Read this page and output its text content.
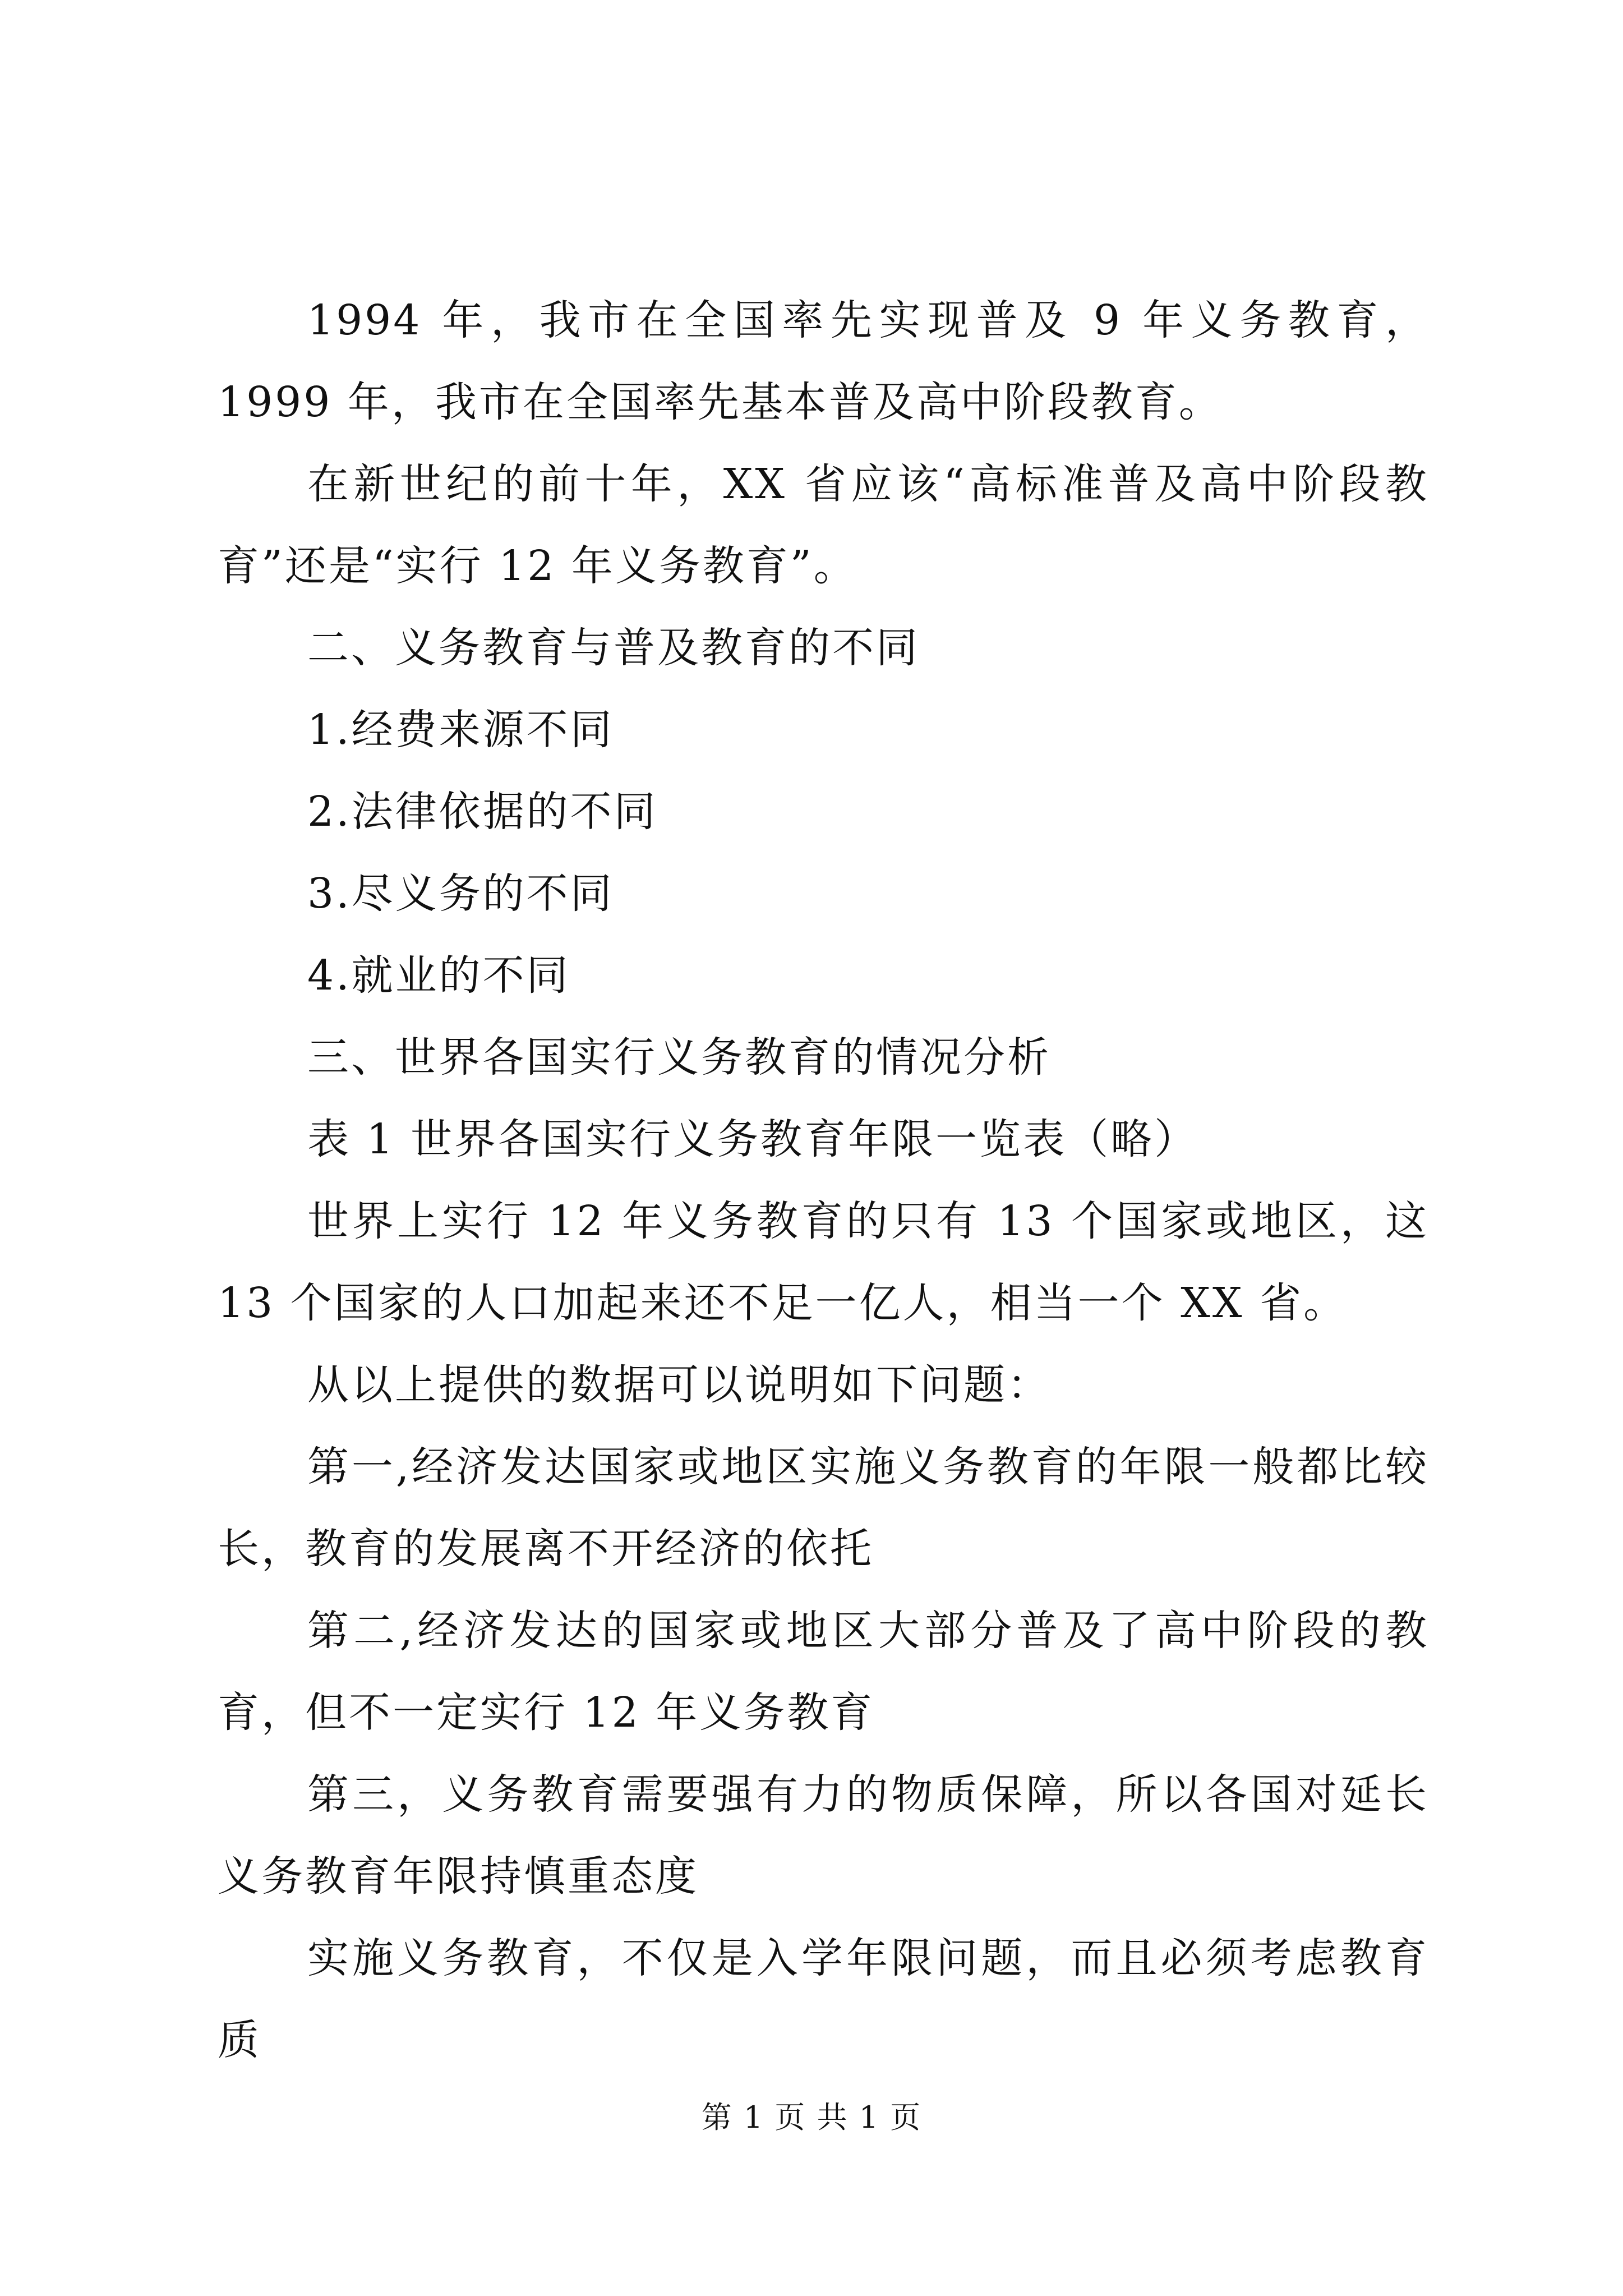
1994 年，我市在全国率先实现普及 9 年义务教育，1999 年，我市在全国率先基本普及高中阶段教育。

在新世纪的前十年，XX 省应该“高标准普及高中阶段教育”还是“实行 12 年义务教育”。

二、义务教育与普及教育的不同

1.经费来源不同

2.法律依据的不同

3.尽义务的不同

4.就业的不同

三、世界各国实行义务教育的情况分析

表 1 世界各国实行义务教育年限一览表（略）

世界上实行 12 年义务教育的只有 13 个国家或地区，这 13 个国家的人口加起来还不足一亿人，相当一个 XX 省。

从以上提供的数据可以说明如下问题：

第一,经济发达国家或地区实施义务教育的年限一般都比较长，教育的发展离不开经济的依托

第二,经济发达的国家或地区大部分普及了高中阶段的教育，但不一定实行 12 年义务教育

第三，义务教育需要强有力的物质保障，所以各国对延长义务教育年限持慎重态度

实施义务教育，不仅是入学年限问题，而且必须考虑教育质

第 1 页 共 1 页
